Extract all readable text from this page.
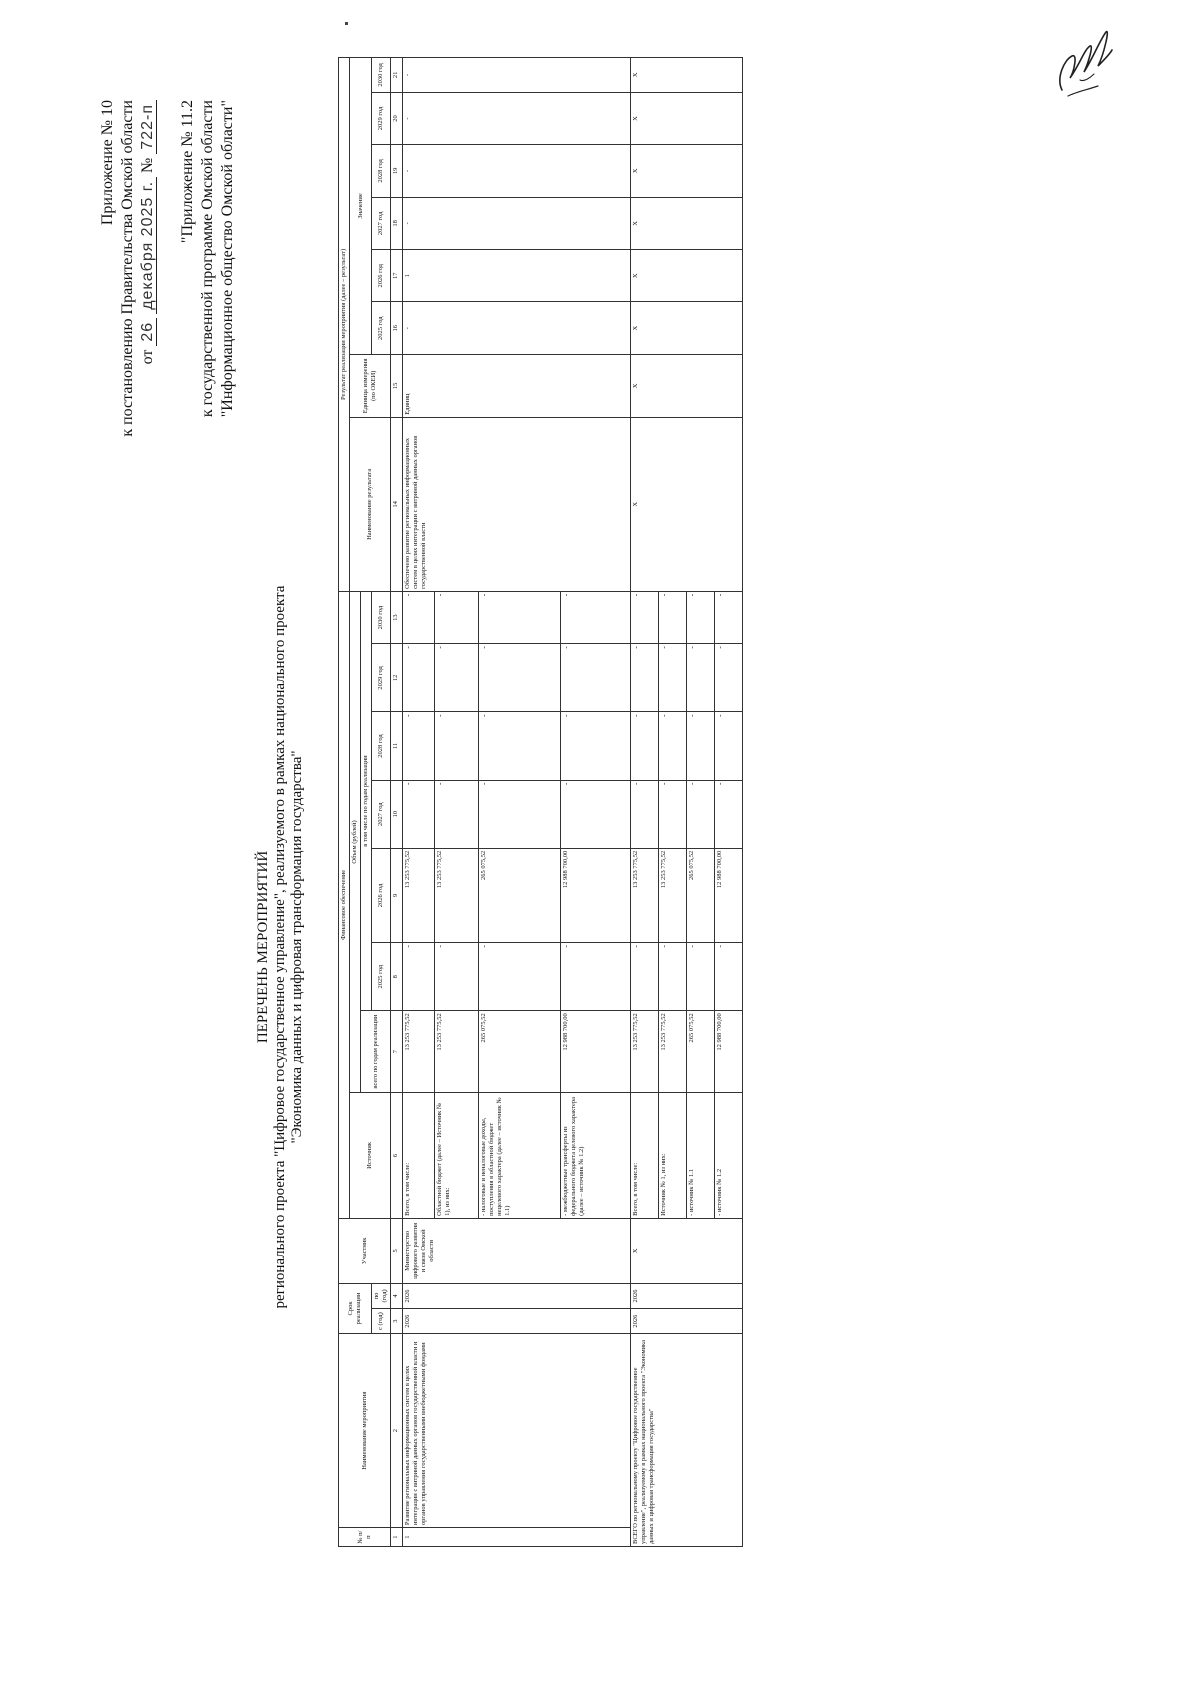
Приложение № 10 к постановлению Правительства Омской области от 26 декабря 2025 г. № 722-п "Приложение № 11.2 к государственной программе Омской области "Информационное общество Омской области"
ПЕРЕЧЕНЬ МЕРОПРИЯТИЙ регионального проекта "Цифровое государственное управление", реализуемого в рамках национального проекта "Экономика данных и цифровая трансформация государства"
№ п/п	Наименование мероприятия	Срок реализации		Участник	Финансовое обеспечение								Результат реализации мероприятия (далее – результат)							
					Источник	Объем (рублей)							Наименование результата	Единица измерения (по ОКЕИ)	Значение					
						всего по годам реализации	в том числе по годам реализации													
		с (год)	по (год)				2025 год	2026 год	2027 год	2028 год	2029 год	2030 год			2025 год	2026 год	2027 год	2028 год	2029 год	2030 год
1	2	3	4	5	6	7	8	9	10	11	12	13	14	15	16	17	18	19	20	21
1	Развитие региональных информационных систем в целях интеграции с витриной данных органов государственной власти и органов управления государственными внебюджетными фондами	2026	2026	Министерство цифрового развития и связи Омской области	Всего, в том числе:	13 253 775,52	-	13 253 775,52	-	-	-	-	Обеспечено развитие региональных информационных систем в целях интеграции с витриной данных органов государственной власти	Единиц	-	1	-	-	-	-
					Областной бюджет (далее – Источник № 1), из них:	13 253 775,52	-	13 253 775,52	-	-	-	-								
					- налоговые и неналоговые доходы, поступления в областной бюджет нецелевого характера (далее – источник № 1.1)	265 075,52	-	265 075,52	-	-	-	-								
					- межбюджетные трансферты из федерального бюджета целевого характера (далее – источник № 1.2)	12 988 700,00	-	12 988 700,00	-	-	-	-								
ВСЕГО по региональному проекту "Цифровое государственное управление", реализуемому в рамках национального проекта "Экономика данных и цифровая трансформация государства"		2026	2026	X	Всего, в том числе:	13 253 775,52	-	13 253 775,52	-	-	-	-	X	X	X	X	X	X	X	X
					Источник № 1, из них:	13 253 775,52	-	13 253 775,52	-	-	-	-								
					- источник № 1.1	265 075,52	-	265 075,52	-	-	-	-								
					- источник № 1.2	12 988 700,00	-	12 988 700,00	-	-	-	-								
